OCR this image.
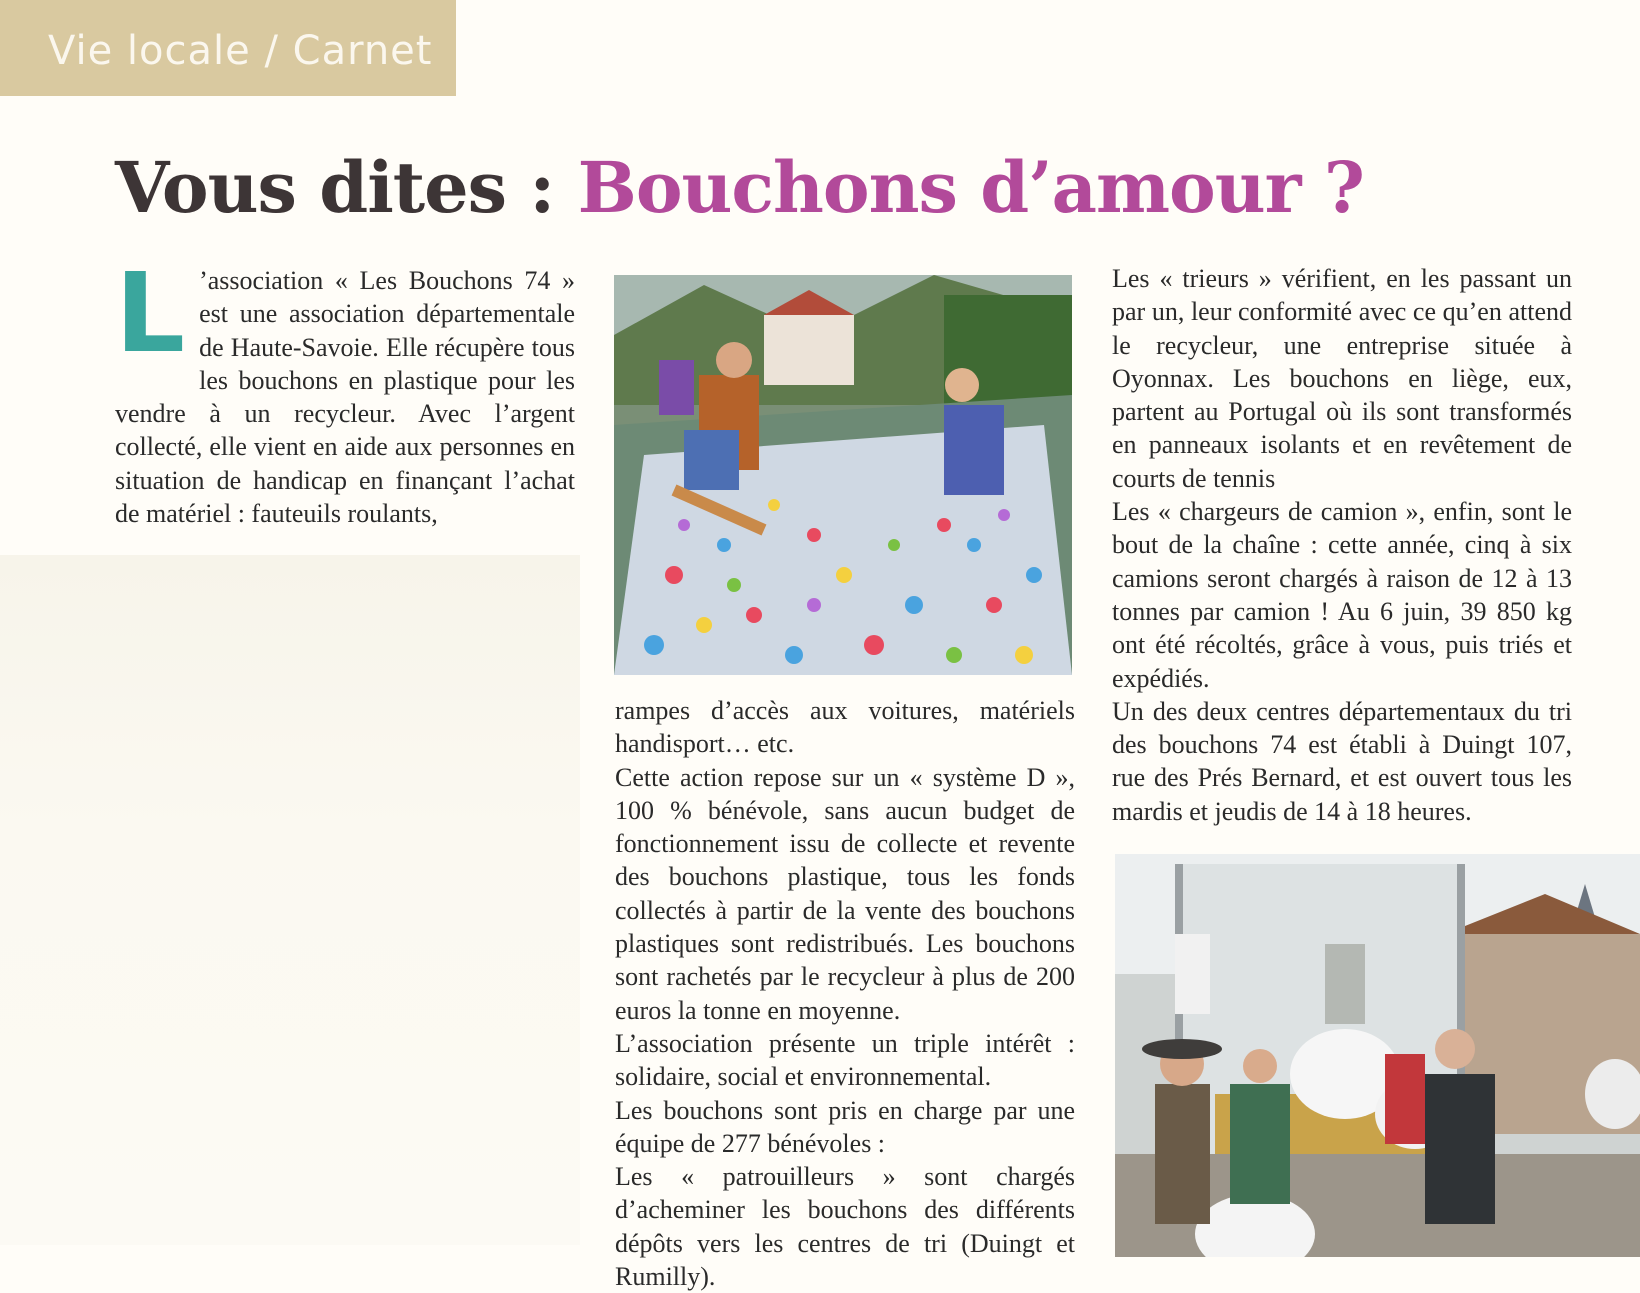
Vie locale / Carnet
Vous dites : Bouchons d’amour ?
L ’association « Les Bouchons 74 » est une association départementale de Haute-Savoie. Elle récupère tous les bouchons en plastique pour les vendre à un recycleur. Avec l’argent collecté, elle vient en aide aux personnes en situation de handicap en finançant l’achat de matériel : fauteuils roulants,

rampes d’accès aux voitures, matériels handisport… etc.

Cette action repose sur un « système D », 100 % bénévole, sans aucun budget de fonctionnement issu de collecte et revente des bouchons plastique, tous les fonds collectés à partir de la vente des bouchons plastiques sont redistribués. Les bouchons sont rachetés par le recycleur à plus de 200 euros la tonne en moyenne.

L’association présente un triple intérêt : solidaire, social et environnemental.

Les bouchons sont pris en charge par une équipe de 277 bénévoles :

Les « patrouilleurs » sont chargés d’acheminer les bouchons des différents dépôts vers les centres de tri (Duingt et Rumilly).

Les « trieurs » vérifient, en les passant un par un, leur conformité avec ce qu’en attend le recycleur, une entreprise située à Oyonnax. Les bouchons en liège, eux, partent au Portugal où ils sont transformés en panneaux isolants et en revêtement de courts de tennis

Les « chargeurs de camion », enfin, sont le bout de la chaîne : cette année, cinq à six camions seront chargés à raison de 12 à 13 tonnes par camion ! Au 6 juin, 39 850 kg ont été récoltés, grâce à vous, puis triés et expédiés.

Un des deux centres départementaux du tri des bouchons 74 est établi à Duingt 107, rue des Prés Bernard, et est ouvert tous les mardis et jeudis de 14 à 18 heures.
